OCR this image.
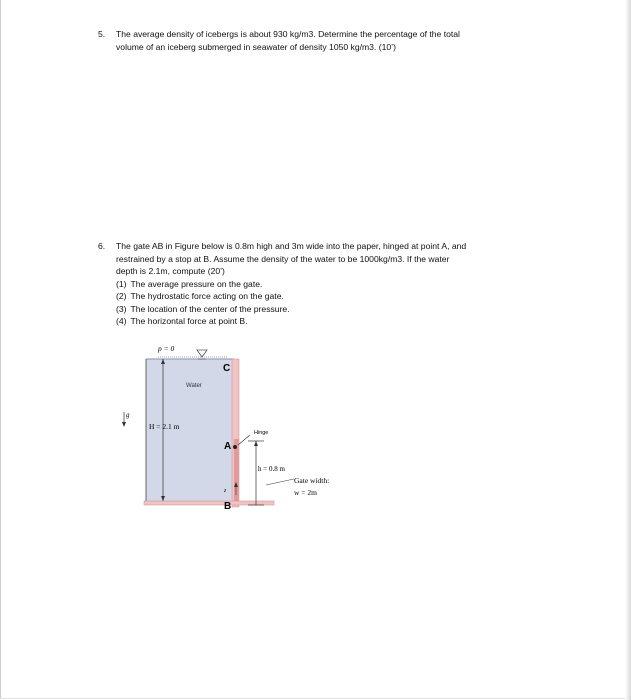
5. The average density of icebergs is about 930 kg/m3. Determine the percentage of the total
volume of an iceberg submerged in seawater of density 1050 kg/m3. (10’)
6. The gate AB in Figure below is 0.8m high and 3m wide into the paper, hinged at point A, and
restrained by a stop at B. Assume the density of the water to be 1000kg/m3. If the water
depth is 2.1m, compute (20’)
(1) The average pressure on the gate.
(2) The hydrostatic force acting on the gate.
(3) The location of the center of the pressure.
(4) The horizontal force at point B.
p = 0
Water
C
g
H = 2.1 m
Hinge
A
h = 0.8 m
z
B
Gate width:
w = 2m
